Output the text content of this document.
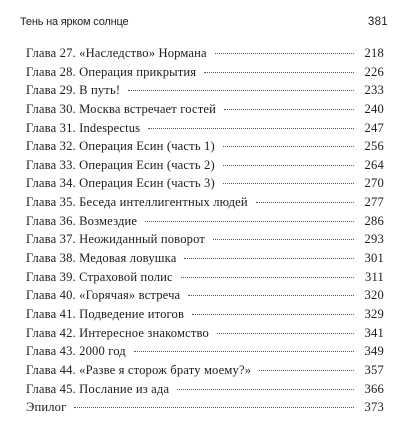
Тень на ярком солнце	381
Глава 27. «Наследство» Нормана	218
Глава 28. Операция прикрытия	226
Глава 29. В путь!	233
Глава 30. Москва встречает гостей	240
Глава 31. Indespectus	247
Глава 32. Операция Есин (часть 1)	256
Глава 33. Операция Есин (часть 2)	264
Глава 34. Операция Есин (часть 3)	270
Глава 35. Беседа интеллигентных людей	277
Глава 36. Возмездие	286
Глава 37. Неожиданный поворот	293
Глава 38. Медовая ловушка	301
Глава 39. Страховой полис	311
Глава 40. «Горячая» встреча	320
Глава 41. Подведение итогов	329
Глава 42. Интересное знакомство	341
Глава 43. 2000 год	349
Глава 44. «Разве я сторож брату моему?»	357
Глава 45. Послание из ада	366
Эпилог	373
